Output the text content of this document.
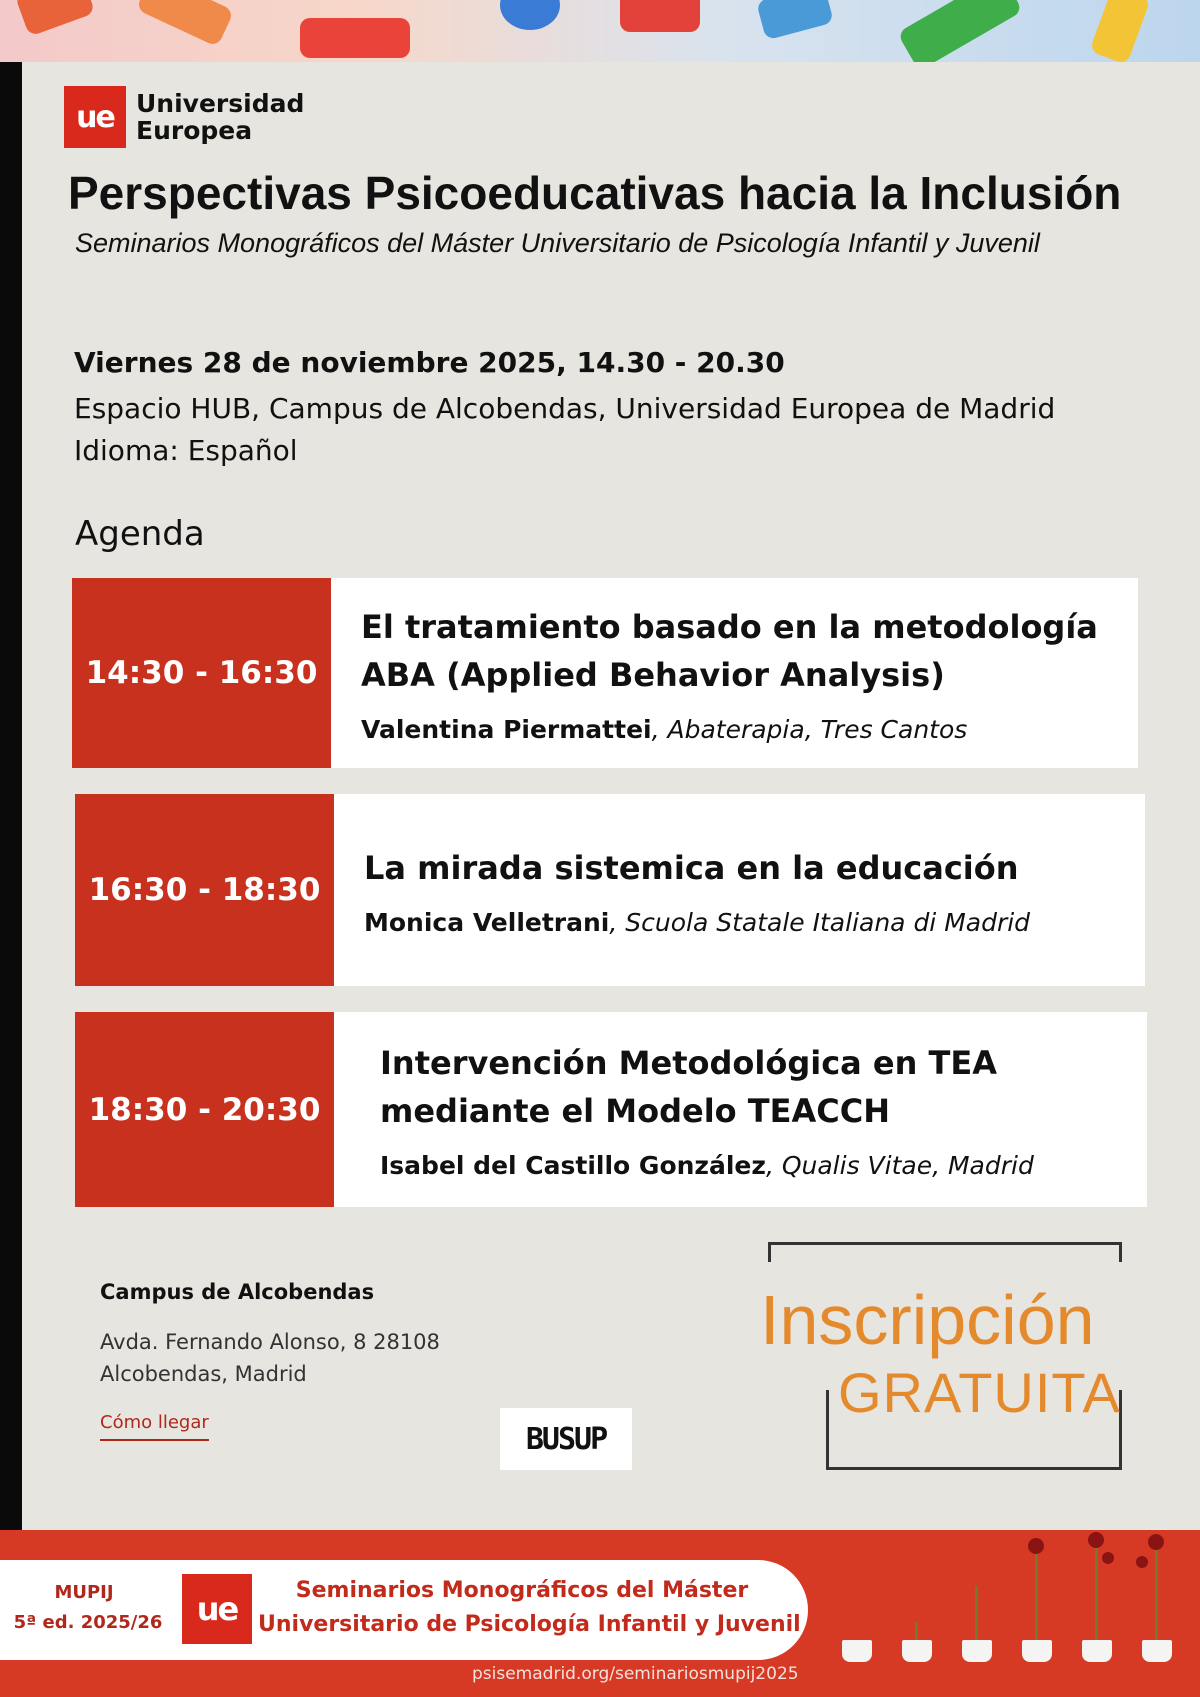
ue Universidad
Europea
Perspectivas Psicoeducativas hacia la Inclusión
Seminarios Monográficos del Máster Universitario de Psicología Infantil y Juvenil
Viernes 28 de noviembre 2025, 14.30 - 20.30
Espacio HUB, Campus de Alcobendas, Universidad Europea de Madrid
Idioma: Español
Agenda
14:30 - 16:30
El tratamiento basado en la metodología
ABA (Applied Behavior Analysis)
Valentina Piermattei, Abaterapia, Tres Cantos
16:30 - 18:30
La mirada sistemica en la educación
Monica Velletrani, Scuola Statale Italiana di Madrid
18:30 - 20:30
Intervención Metodológica en TEA
mediante el Modelo TEACCH
Isabel del Castillo González, Qualis Vitae, Madrid
Campus de Alcobendas
Avda. Fernando Alonso, 8 28108
Alcobendas, Madrid
Cómo llegar	BUSUP
Inscripción
GRATUITA
MUPIJ
5ª ed. 2025/26	ue	Seminarios Monográficos del Máster
Universitario de Psicología Infantil y Juvenil
psisemadrid.org/seminariosmupij2025
